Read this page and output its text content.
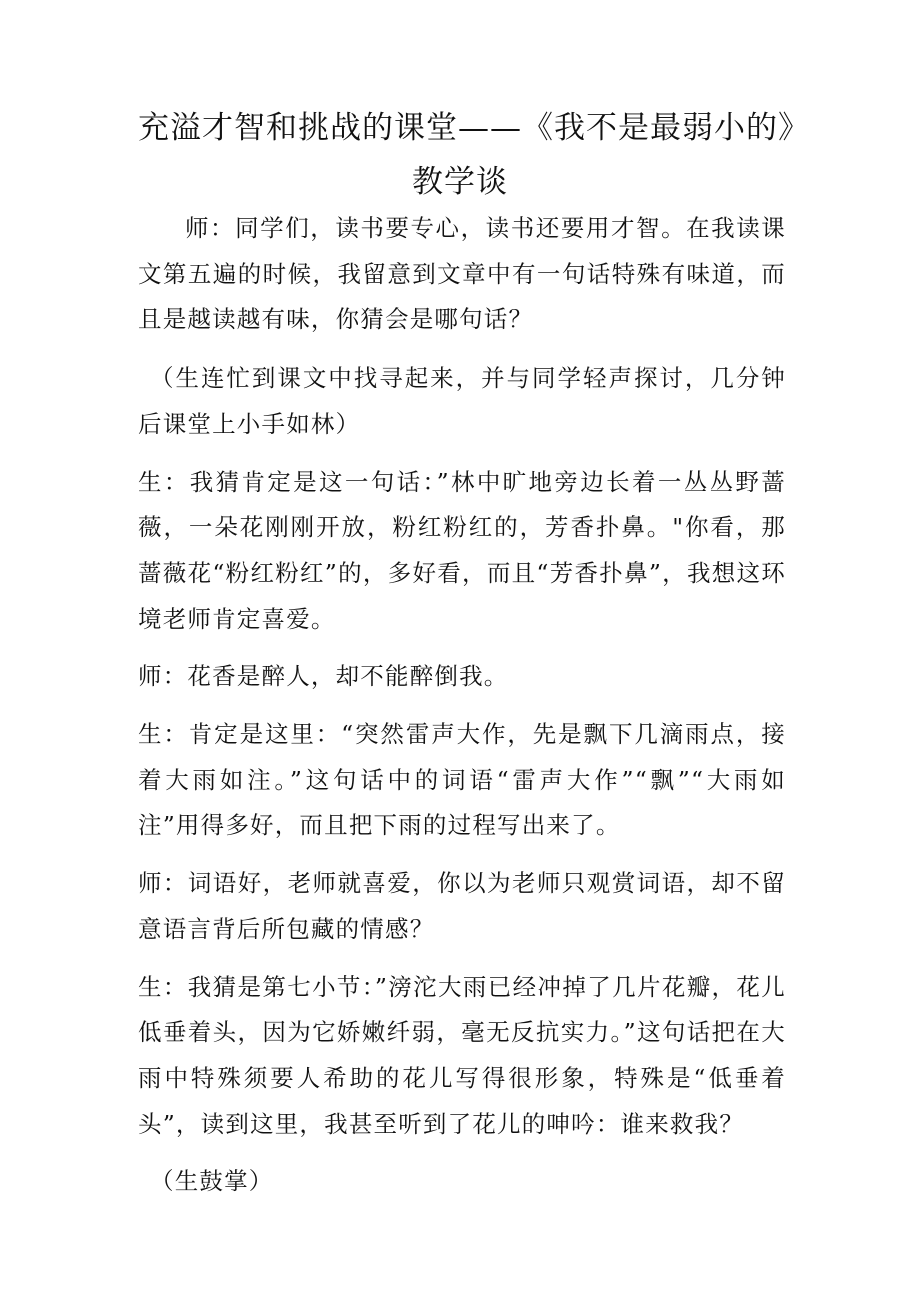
充溢才智和挑战的课堂——《我不是最弱小的》
教学谈

师：同学们，读书要专心，读书还要用才智。在我读课文第五遍的时候，我留意到文章中有一句话特殊有味道，而且是越读越有味，你猜会是哪句话？

（生连忙到课文中找寻起来，并与同学轻声探讨，几分钟后课堂上小手如林）

生：我猜肯定是这一句话：”林中旷地旁边长着一丛丛野蔷薇，一朵花刚刚开放，粉红粉红的，芳香扑鼻。"你看，那蔷薇花“粉红粉红”的，多好看，而且“芳香扑鼻”，我想这环境老师肯定喜爱。

师：花香是醉人，却不能醉倒我。

生：肯定是这里：“突然雷声大作，先是飘下几滴雨点，接着大雨如注。”这句话中的词语“雷声大作”“飘”“大雨如注”用得多好，而且把下雨的过程写出来了。

师：词语好，老师就喜爱，你以为老师只观赏词语，却不留意语言背后所包藏的情感？

生：我猜是第七小节：”滂沱大雨已经冲掉了几片花瓣，花儿低垂着头，因为它娇嫩纤弱，毫无反抗实力。”这句话把在大雨中特殊须要人希助的花儿写得很形象，特殊是“低垂着头”，读到这里，我甚至听到了花儿的呻吟：谁来救我？

（生鼓掌）
